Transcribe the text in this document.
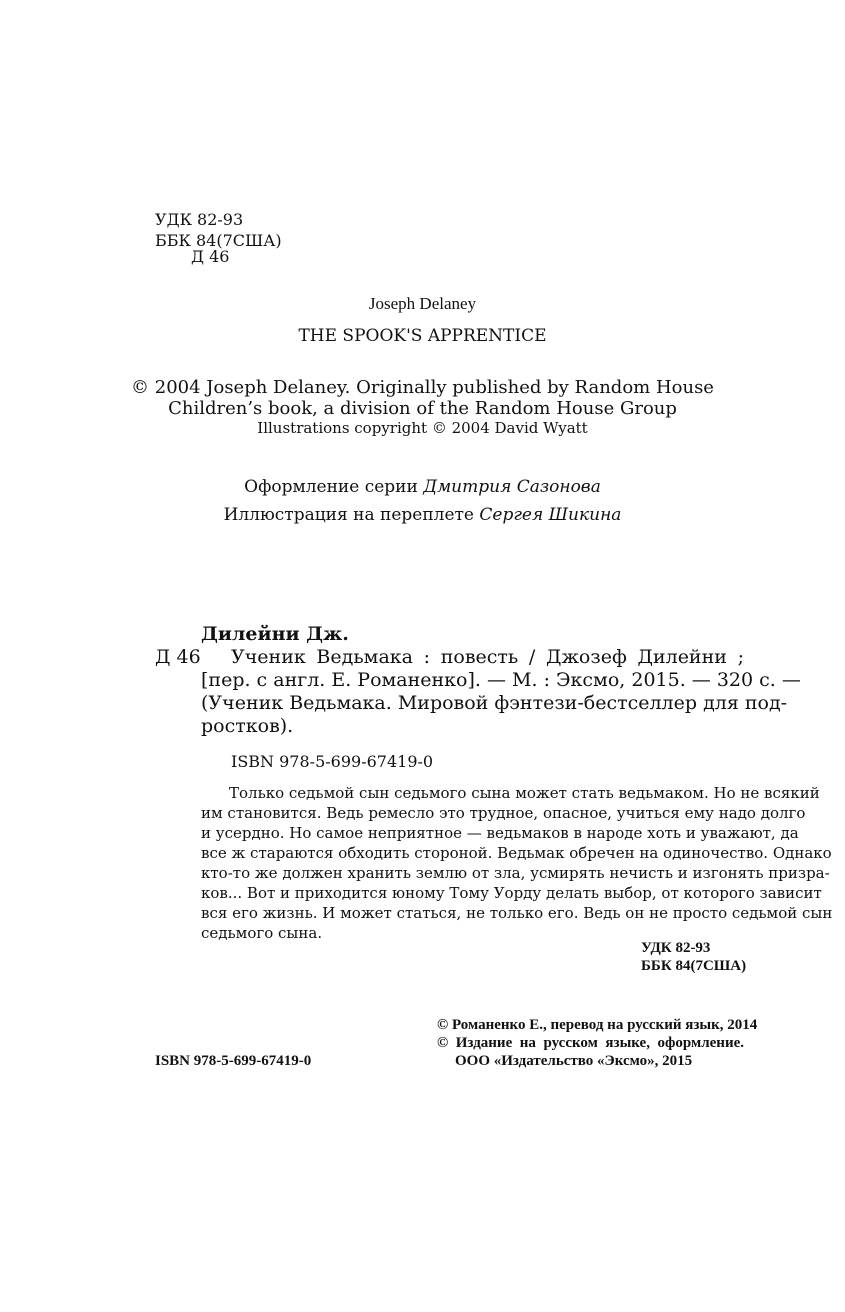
УДК 82-93
ББК 84(7США)
Д 46
Joseph Delaney
THE SPOOK'S APPRENTICE
© 2004 Joseph Delaney. Originally published by Random House
Children’s book, a division of the Random House Group
Illustrations copyright © 2004 David Wyatt
Оформление серии Дмитрия Сазонова
Иллюстрация на переплете Сергея Шикина
Дилейни Дж.
Д 46 Ученик Ведьмака : повесть / Джозеф Дилейни ;
[пер. с англ. Е. Романенко]. — М. : Эксмо, 2015. — 320 с. —
(Ученик Ведьмака. Мировой фэнтези-бестселлер для под-
ростков).
ISBN 978-5-699-67419-0
Только седьмой сын седьмого сына может стать ведьмаком. Но не всякий
им становится. Ведь ремесло это трудное, опасное, учиться ему надо долго
и усердно. Но самое неприятное — ведьмаков в народе хоть и уважают, да
все ж стараются обходить стороной. Ведьмак обречен на одиночество. Однако
кто-то же должен хранить землю от зла, усмирять нечисть и изгонять призра-
ков... Вот и приходится юному Тому Уорду делать выбор, от которого зависит
вся его жизнь. И может статься, не только его. Ведь он не просто седьмой сын
седьмого сына.
УДК 82-93
ББК 84(7США)
© Романенко Е., перевод на русский язык, 2014
© Издание на русском языке, оформление.
ООО «Издательство «Эксмо», 2015
ISBN 978-5-699-67419-0
